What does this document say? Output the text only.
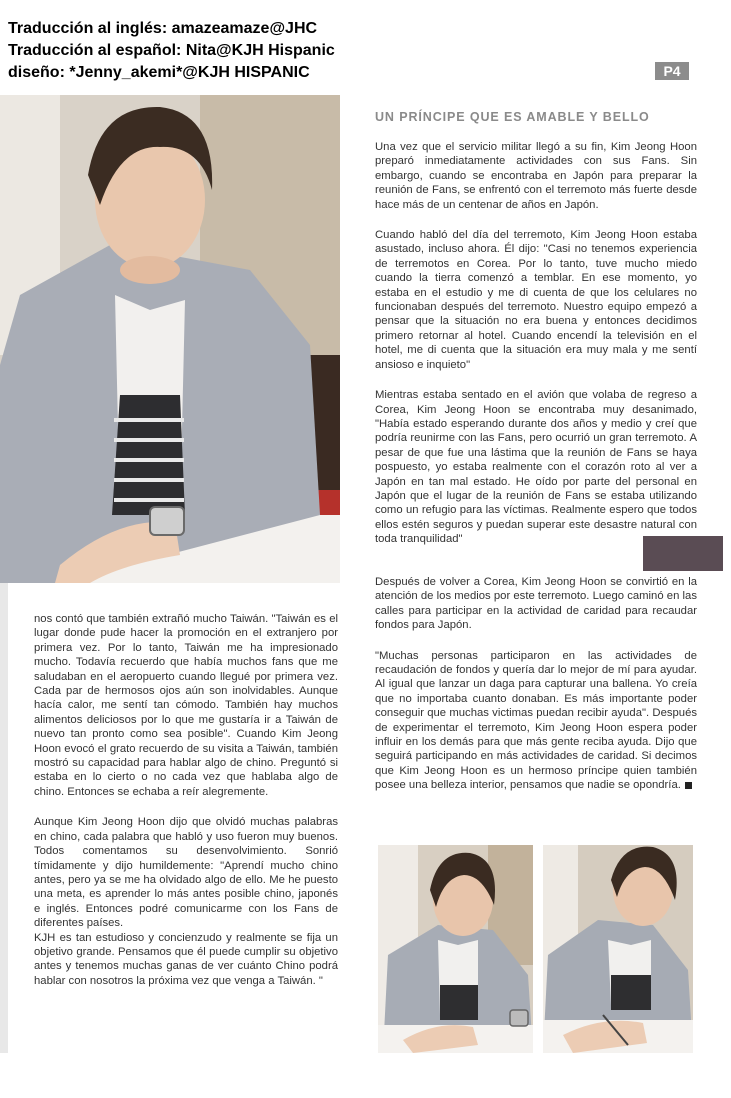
Traducción al inglés: amazeamaze@JHC
Traducción al español: Nita@KJH Hispanic
diseño: *Jenny_akemi*@KJH HISPANIC	P4
UN PRÍNCIPE QUE ES AMABLE Y BELLO

Una vez que el servicio militar llegó a su fin, Kim Jeong Hoon preparó inmediatamente actividades con sus Fans. Sin embargo, cuando se encontraba en Japón para preparar la reunión de Fans, se enfrentó con el terremoto más fuerte desde hace más de un centenar de años en Japón.

Cuando habló del día del terremoto, Kim Jeong Hoon estaba asustado, incluso ahora. Él dijo: "Casi no tenemos experiencia de terremotos en Corea. Por lo tanto, tuve mucho miedo cuando la tierra comenzó a temblar. En ese momento, yo estaba en el estudio y me di cuenta de que los celulares no funcionaban después del terremoto. Nuestro equipo empezó a pensar que la situación no era buena y entonces decidimos primero retornar al hotel. Cuando encendí la televisión en el hotel, me di cuenta que la situación era muy mala y me sentí ansioso e inquieto"

Mientras estaba sentado en el avión que volaba de regreso a Corea, Kim Jeong Hoon se encontraba muy desanimado, "Había estado esperando durante dos años y medio y creí que podría reunirme con las Fans, pero ocurrió un gran terremoto. A pesar de que fue una lástima que la reunión de Fans se haya pospuesto, yo estaba realmente con el corazón roto al ver a Japón en tan mal estado. He oído por parte del personal en Japón que el lugar de la reunión de Fans se estaba utilizando como un refugio para las víctimas. Realmente espero que todos ellos estén seguros y puedan superar este desastre natural con toda tranquilidad"

Después de volver a Corea, Kim Jeong Hoon se convirtió en la atención de los medios por este terremoto. Luego caminó en las calles para participar en la actividad de caridad para recaudar fondos para Japón.

"Muchas personas participaron en las actividades de recaudación de fondos y quería dar lo mejor de mí para ayudar. Al igual que lanzar un daga para capturar una ballena. Yo creía que no importaba cuanto donaban. Es más importante poder conseguir que muchas victimas puedan recibir ayuda". Después de experimentar el terremoto, Kim Jeong Hoon espera poder influir en los demás para que más gente reciba ayuda. Dijo que seguirá participando en más actividades de caridad. Si decimos que Kim Jeong Hoon es un hermoso príncipe quien también posee una belleza interior, pensamos que nadie se opondría.

nos contó que también extrañó mucho Taiwán. "Taiwán es el lugar donde pude hacer la promoción en el extranjero por primera vez. Por lo tanto, Taiwán me ha impresionado mucho. Todavía recuerdo que había muchos fans que me saludaban en el aeropuerto cuando llegué por primera vez. Cada par de hermosos ojos aún son inolvidables. Aunque hacía calor, me sentí tan cómodo. También hay muchos alimentos deliciosos por lo que me gustaría ir a Taiwán de nuevo tan pronto como sea posible". Cuando Kim Jeong Hoon evocó el grato recuerdo de su visita a Taiwán, también mostró su capacidad para hablar algo de chino. Preguntó si estaba en lo cierto o no cada vez que hablaba algo de chino. Entonces se echaba a reír alegremente.

Aunque Kim Jeong Hoon dijo que olvidó muchas palabras en chino, cada palabra que habló y uso fueron muy buenos. Todos comentamos su desenvolvimiento. Sonrió tímidamente y dijo humildemente: "Aprendí mucho chino antes, pero ya se me ha olvidado algo de ello. Me he puesto una meta, es aprender lo más antes posible chino, japonés e inglés. Entonces podré comunicarme con los Fans de diferentes países.

KJH es tan estudioso y concienzudo y realmente se fija un objetivo grande. Pensamos que él puede cumplir su objetivo antes y tenemos muchas ganas de ver cuánto Chino podrá hablar con nosotros la próxima vez que venga a Taiwán. "
